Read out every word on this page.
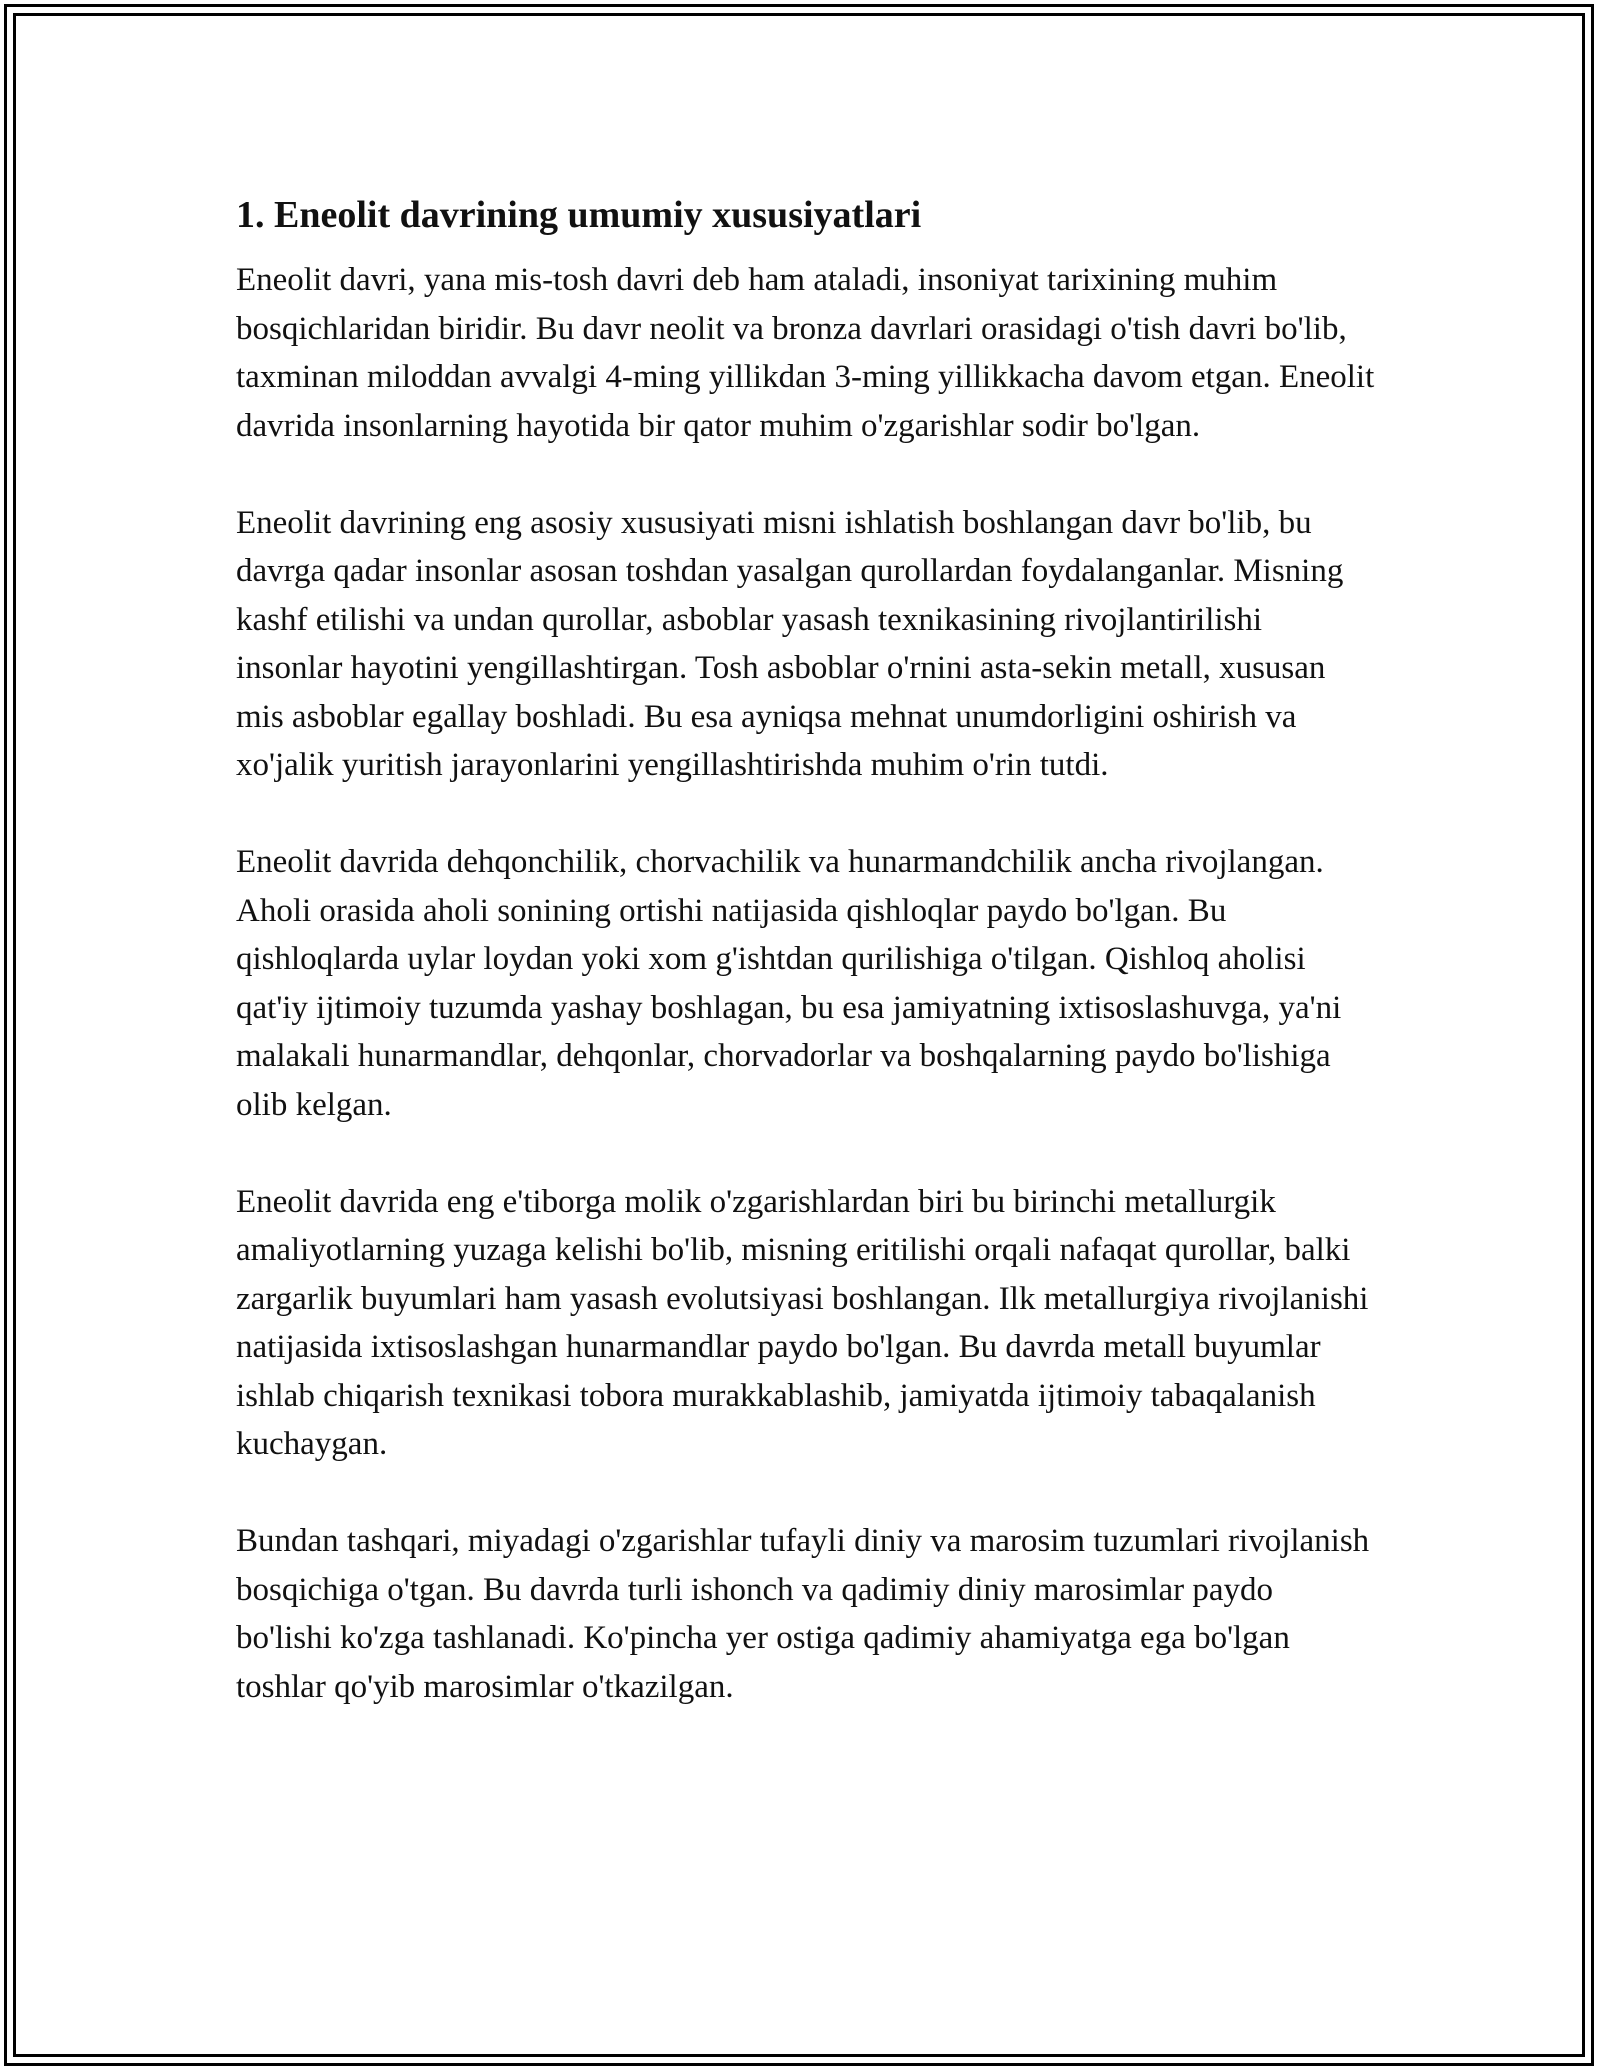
1. Eneolit davrining umumiy xususiyatlari

Eneolit davri, yana mis-tosh davri deb ham ataladi, insoniyat tarixining muhim bosqichlaridan biridir. Bu davr neolit va bronza davrlari orasidagi o'tish davri bo'lib, taxminan miloddan avvalgi 4-ming yillikdan 3-ming yillikkacha davom etgan. Eneolit davrida insonlarning hayotida bir qator muhim o'zgarishlar sodir bo'lgan.

Eneolit davrining eng asosiy xususiyati misni ishlatish boshlangan davr bo'lib, bu davrga qadar insonlar asosan toshdan yasalgan qurollardan foydalanganlar. Misning kashf etilishi va undan qurollar, asboblar yasash texnikasining rivojlantirilishi insonlar hayotini yengillashtirgan. Tosh asboblar o'rnini asta-sekin metall, xususan mis asboblar egallay boshladi. Bu esa ayniqsa mehnat unumdorligini oshirish va xo'jalik yuritish jarayonlarini yengillashtirishda muhim o'rin tutdi.

Eneolit davrida dehqonchilik, chorvachilik va hunarmandchilik ancha rivojlangan. Aholi orasida aholi sonining ortishi natijasida qishloqlar paydo bo'lgan. Bu qishloqlarda uylar loydan yoki xom g'ishtdan qurilishiga o'tilgan. Qishloq aholisi qat'iy ijtimoiy tuzumda yashay boshlagan, bu esa jamiyatning ixtisoslashuvga, ya'ni malakali hunarmandlar, dehqonlar, chorvadorlar va boshqalarning paydo bo'lishiga olib kelgan.

Eneolit davrida eng e'tiborga molik o'zgarishlardan biri bu birinchi metallurgik amaliyotlarning yuzaga kelishi bo'lib, misning eritilishi orqali nafaqat qurollar, balki zargarlik buyumlari ham yasash evolutsiyasi boshlangan. Ilk metallurgiya rivojlanishi natijasida ixtisoslashgan hunarmandlar paydo bo'lgan. Bu davrda metall buyumlar ishlab chiqarish texnikasi tobora murakkablashib, jamiyatda ijtimoiy tabaqalanish kuchaygan.

Bundan tashqari, miyadagi o'zgarishlar tufayli diniy va marosim tuzumlari rivojlanish bosqichiga o'tgan. Bu davrda turli ishonch va qadimiy diniy marosimlar paydo bo'lishi ko'zga tashlanadi. Ko'pincha yer ostiga qadimiy ahamiyatga ega bo'lgan toshlar qo'yib marosimlar o'tkazilgan.
